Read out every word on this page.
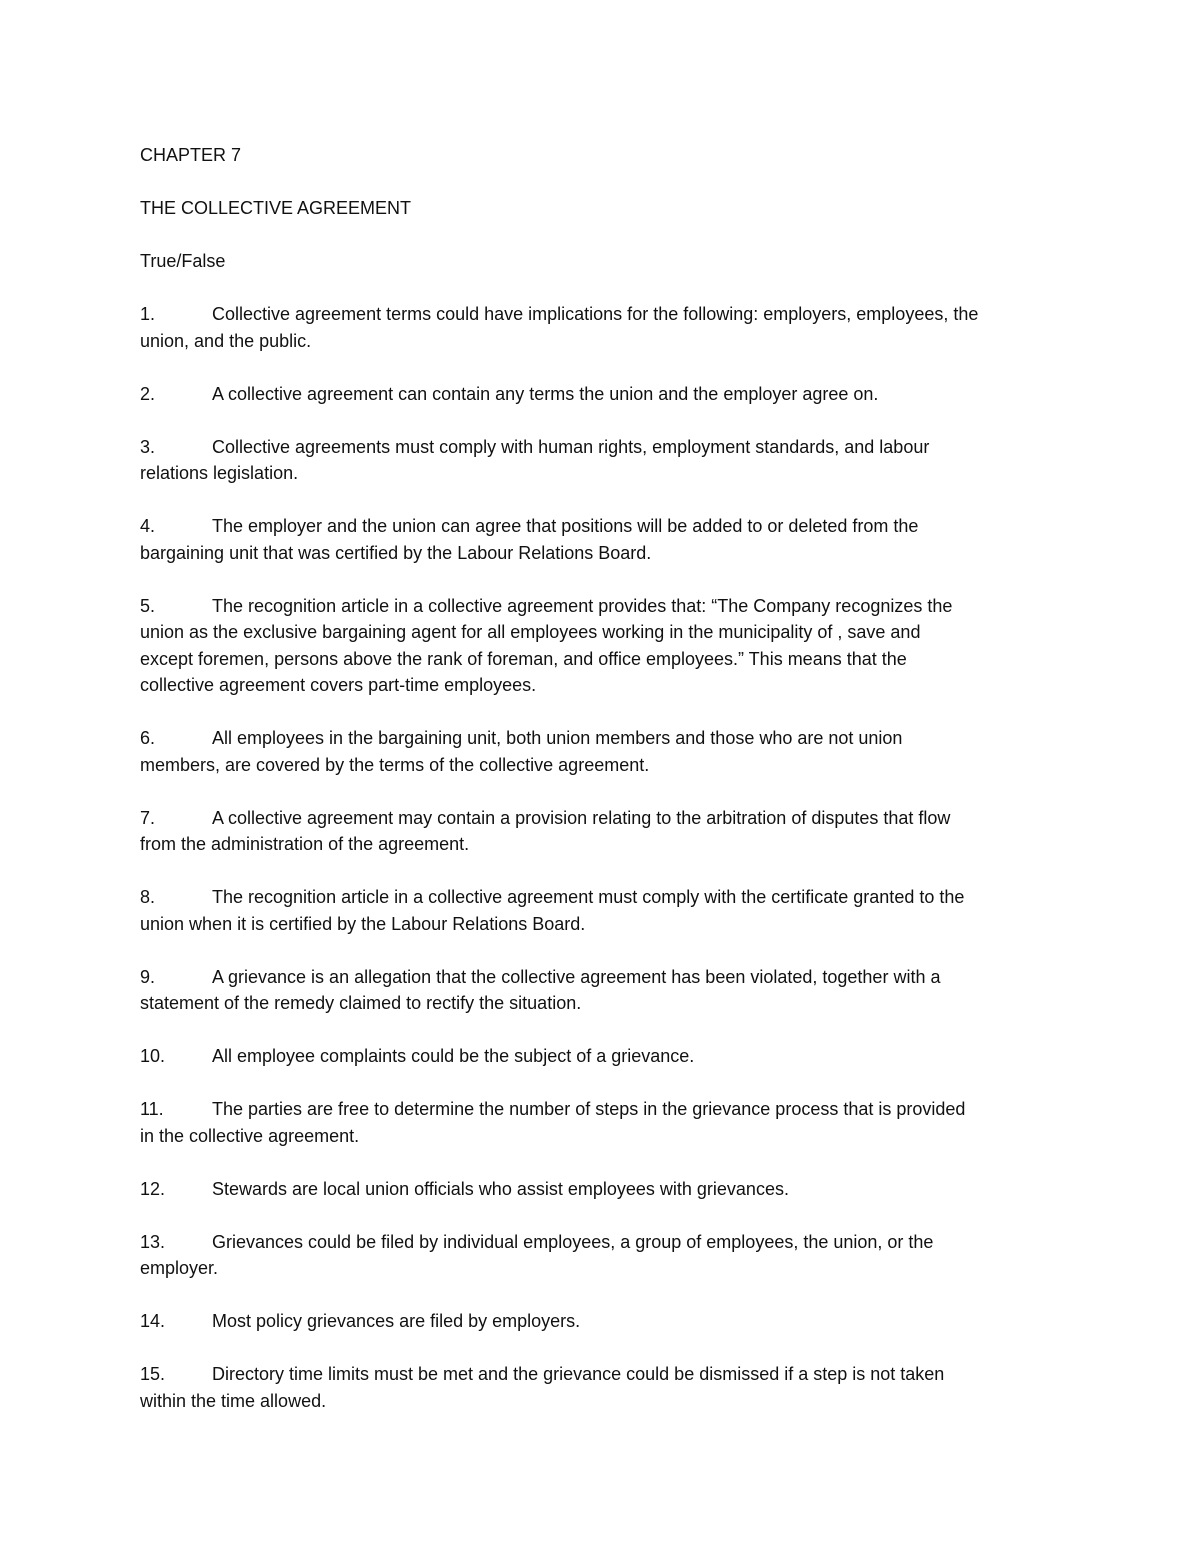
CHAPTER 7
THE COLLECTIVE AGREEMENT
True/False
1.	Collective agreement terms could have implications for the following: employers, employees, the
union, and the public.
2.	A collective agreement can contain any terms the union and the employer agree on.
3.	Collective agreements must comply with human rights, employment standards, and labour
relations legislation.
4.	The employer and the union can agree that positions will be added to or deleted from the
bargaining unit that was certified by the Labour Relations Board.
5.	The recognition article in a collective agreement provides that: “The Company recognizes the
union as the exclusive bargaining agent for all employees working in the municipality of , save and
except foremen, persons above the rank of foreman, and office employees.” This means that the
collective agreement covers part-time employees.
6.	All employees in the bargaining unit, both union members and those who are not union
members, are covered by the terms of the collective agreement.
7.	A collective agreement may contain a provision relating to the arbitration of disputes that flow
from the administration of the agreement.
8.	The recognition article in a collective agreement must comply with the certificate granted to the
union when it is certified by the Labour Relations Board.
9.	A grievance is an allegation that the collective agreement has been violated, together with a
statement of the remedy claimed to rectify the situation.
10.	All employee complaints could be the subject of a grievance.
11.	The parties are free to determine the number of steps in the grievance process that is provided
in the collective agreement.
12.	Stewards are local union officials who assist employees with grievances.
13.	Grievances could be filed by individual employees, a group of employees, the union, or the
employer.
14.	Most policy grievances are filed by employers.
15.	Directory time limits must be met and the grievance could be dismissed if a step is not taken
within the time allowed.
